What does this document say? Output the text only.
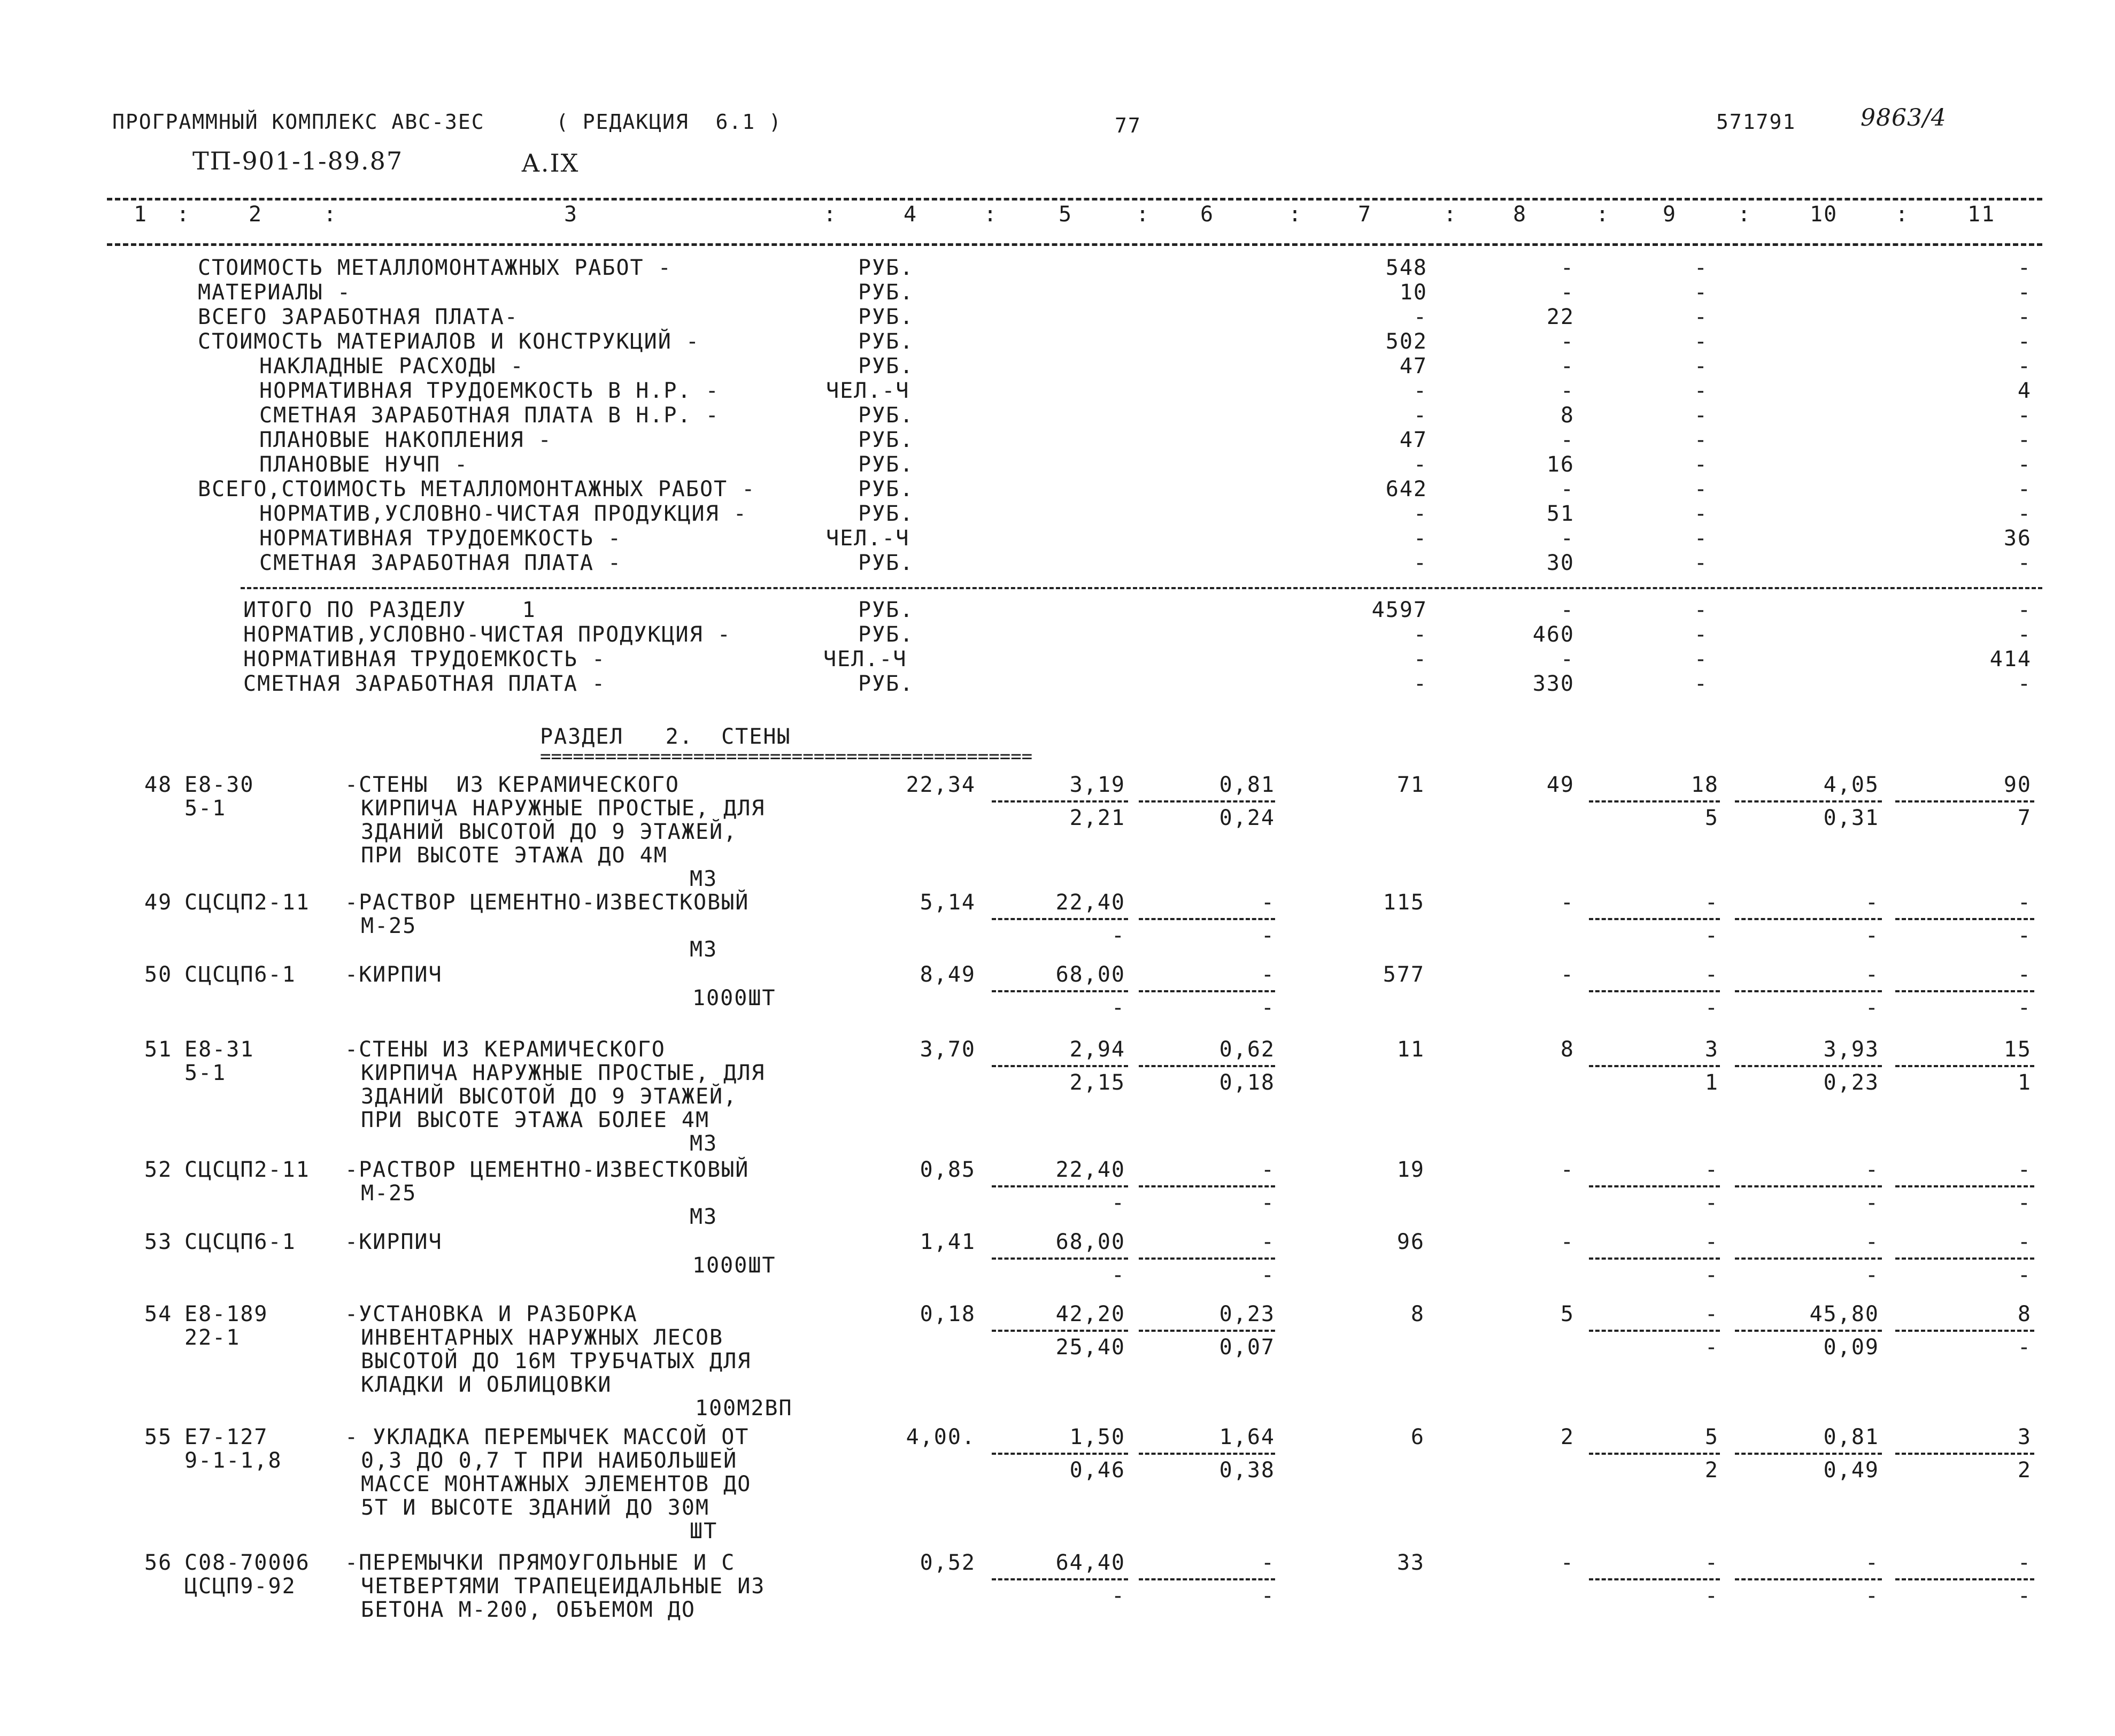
ПРОГРАММНЫЙ КОМПЛЕКС АВС-3ЕС	( РЕДАКЦИЯ  6.1 )	77	571791	9863/4
ТП-901-1-89.87	А.IX
1	2	3	4	5	6	7	8	9	10	11
:	:	:	:	:	:	:	:	:	:
СТОИМОСТЬ МЕТАЛЛОМОНТАЖНЫХ РАБОТ -	РУБ.	548	-	-	-
МАТЕРИАЛЫ -	РУБ.	10	-	-	-
ВСЕГО ЗАРАБОТНАЯ ПЛАТА-	РУБ.	-	22	-	-
СТОИМОСТЬ МАТЕРИАЛОВ И КОНСТРУКЦИЙ -	РУБ.	502	-	-	-
НАКЛАДНЫЕ РАСХОДЫ -	РУБ.	47	-	-	-
НОРМАТИВНАЯ ТРУДОЕМКОСТЬ В Н.Р. -	ЧЕЛ.-Ч	-	-	-	4
СМЕТНАЯ ЗАРАБОТНАЯ ПЛАТА В Н.Р. -	РУБ.	-	8	-	-
ПЛАНОВЫЕ НАКОПЛЕНИЯ -	РУБ.	47	-	-	-
ПЛАНОВЫЕ НУЧП -	РУБ.	-	16	-	-
ВСЕГО,СТОИМОСТЬ МЕТАЛЛОМОНТАЖНЫХ РАБОТ -	РУБ.	642	-	-	-
НОРМАТИВ,УСЛОВНО-ЧИСТАЯ ПРОДУКЦИЯ -	РУБ.	-	51	-	-
НОРМАТИВНАЯ ТРУДОЕМКОСТЬ -	ЧЕЛ.-Ч	-	-	-	36
СМЕТНАЯ ЗАРАБОТНАЯ ПЛАТА -	РУБ.	-	30	-	-
ИТОГО ПО РАЗДЕЛУ    1	РУБ.	4597	-	-	-
НОРМАТИВ,УСЛОВНО-ЧИСТАЯ ПРОДУКЦИЯ -	РУБ.	-	460	-	-
НОРМАТИВНАЯ ТРУДОЕМКОСТЬ -	ЧЕЛ.-Ч	-	-	-	414
СМЕТНАЯ ЗАРАБОТНАЯ ПЛАТА -	РУБ.	-	330	-	-
РАЗДЕЛ   2.  СТЕНЫ
=============================================
48 Е8-30
5-1
-СТЕНЫ  ИЗ КЕРАМИЧЕСКОГО
КИРПИЧА НАРУЖНЫЕ ПРОСТЫЕ, ДЛЯ
ЗДАНИЙ ВЫСОТОЙ ДО 9 ЭТАЖЕЙ,
ПРИ ВЫСОТЕ ЭТАЖА ДО 4М
М3
22,34	3,19	0,81	71	49	18	4,05	90
2,21	0,24	5	0,31	7
49 СЦСЦП2-11 -РАСТВОР ЦЕМЕНТНО-ИЗВЕСТКОВЫЙ
М-25
М3
5,14	22,40	-	115	-	-	-	-
-	-	-	-	-
50 СЦСЦП6-1 -КИРПИЧ
1000ШТ
8,49	68,00	-	577	-	-	-	-
-	-	-	-	-
51 Е8-31
5-1
-СТЕНЫ ИЗ КЕРАМИЧЕСКОГО
КИРПИЧА НАРУЖНЫЕ ПРОСТЫЕ, ДЛЯ
ЗДАНИЙ ВЫСОТОЙ ДО 9 ЭТАЖЕЙ,
ПРИ ВЫСОТЕ ЭТАЖА БОЛЕЕ 4М
М3
3,70	2,94	0,62	11	8	3	3,93	15
2,15	0,18	1	0,23	1
52 СЦСЦП2-11 -РАСТВОР ЦЕМЕНТНО-ИЗВЕСТКОВЫЙ
М-25
М3
0,85	22,40	-	19	-	-	-	-
-	-	-	-	-
53 СЦСЦП6-1 -КИРПИЧ
1000ШТ
1,41	68,00	-	96	-	-	-	-
-	-	-	-	-
54 Е8-189
22-1
-УСТАНОВКА И РАЗБОРКА
ИНВЕНТАРНЫХ НАРУЖНЫХ ЛЕСОВ
ВЫСОТОЙ ДО 16М ТРУБЧАТЫХ ДЛЯ
КЛАДКИ И ОБЛИЦОВКИ
100М2ВП
0,18	42,20	0,23	8	5	-	45,80	8
25,40	0,07	-	0,09	-
55 Е7-127
9-1-1,8
- УКЛАДКА ПЕРЕМЫЧЕК МАССОЙ ОТ
0,3 ДО 0,7 Т ПРИ НАИБОЛЬШЕЙ
МАССЕ МОНТАЖНЫХ ЭЛЕМЕНТОВ ДО
5Т И ВЫСОТЕ ЗДАНИЙ ДО 30М
ШТ
4,00.	1,50	1,64	6	2	5	0,81	3
0,46	0,38	2	0,49	2
56 С08-70006
ЦСЦП9-92
-ПЕРЕМЫЧКИ ПРЯМОУГОЛЬНЫЕ И С
ЧЕТВЕРТЯМИ ТРАПЕЦЕИДАЛЬНЫЕ ИЗ
БЕТОНА М-200, ОБЪЕМОМ ДО
0,52	64,40	-	33	-	-	-	-
-	-	-	-	-
